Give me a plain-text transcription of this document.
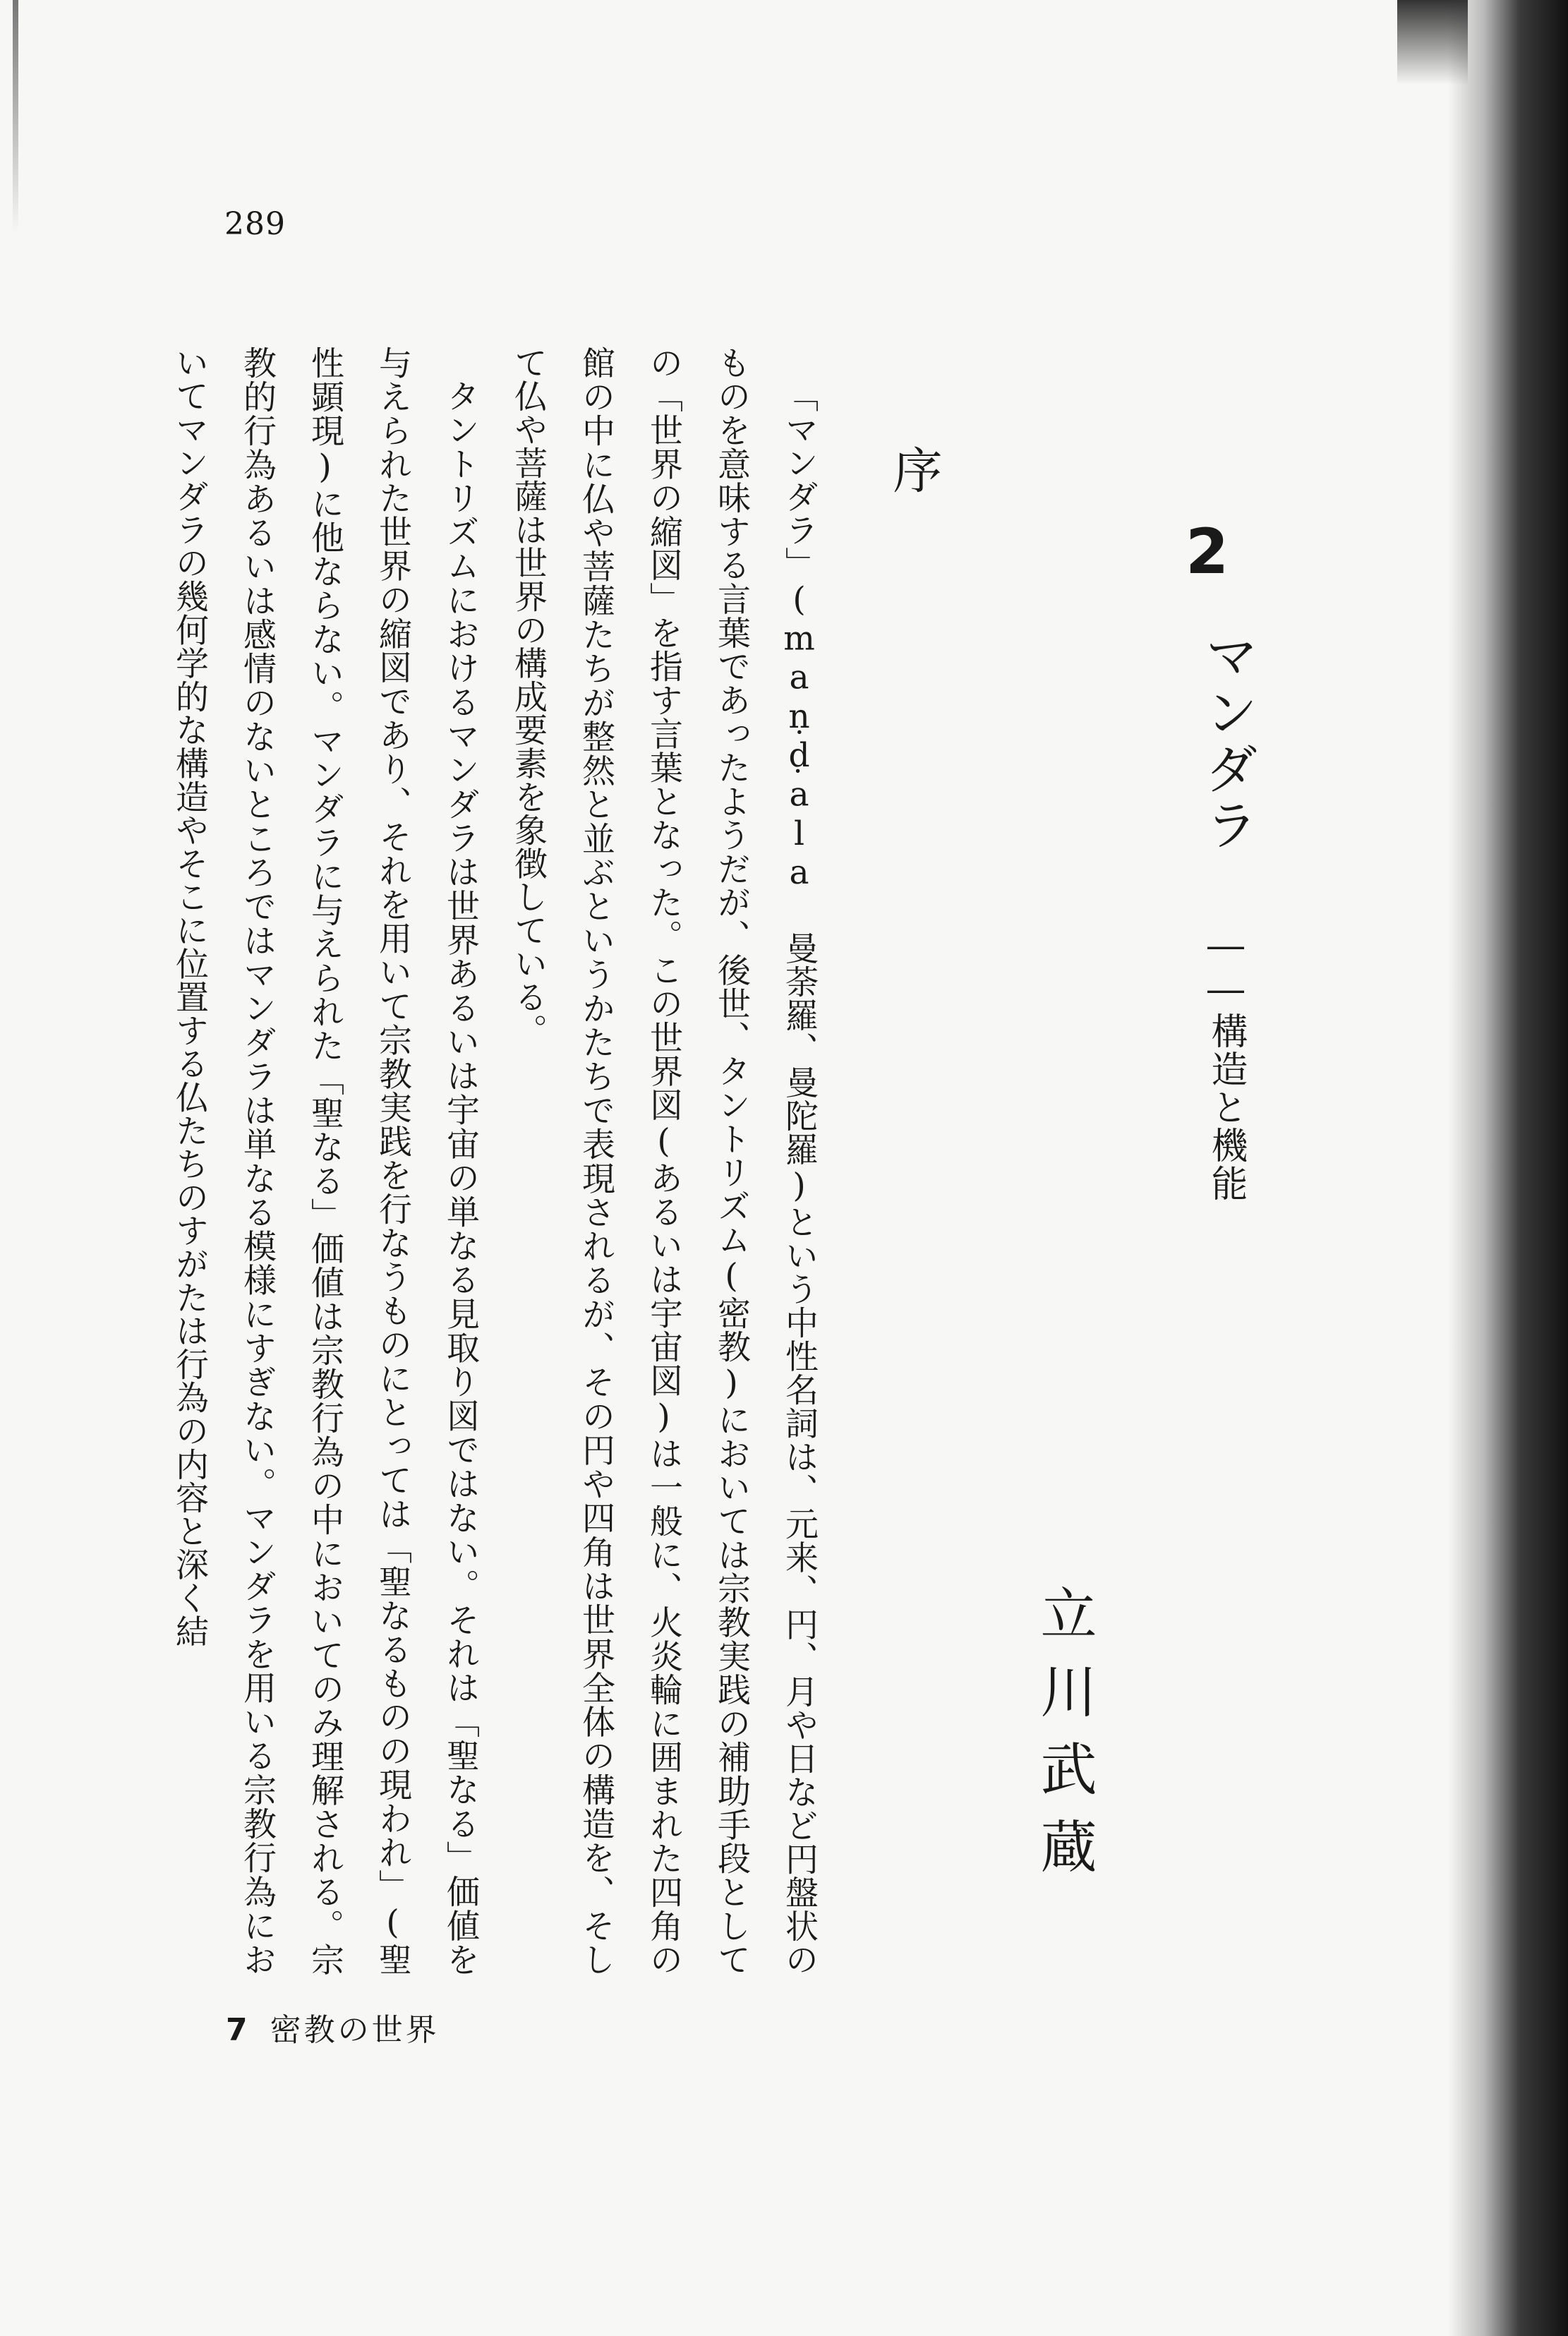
289
2
マンダラ
――構造と機能
立川武蔵
序

「マンダラ」(maṇḍala 曼荼羅、曼陀羅)という中性名詞は、元来、円、月や日など円盤状のものを意味する言葉であったようだが、後世、タントリズム(密教)においては宗教実践の補助手段としての「世界の縮図」を指す言葉となった。この世界図(あるいは宇宙図)は一般に、火炎輪に囲まれた四角の館の中に仏や菩薩たちが整然と並ぶというかたちで表現されるが、その円や四角は世界全体の構造を、そして仏や菩薩は世界の構成要素を象徴している。

タントリズムにおけるマンダラは世界あるいは宇宙の単なる見取り図ではない。それは「聖なる」価値を与えられた世界の縮図であり、それを用いて宗教実践を行なうものにとっては「聖なるものの現われ」(聖性顕現)に他ならない。マンダラに与えられた「聖なる」価値は宗教行為の中においてのみ理解される。宗教的行為あるいは感情のないところではマンダラは単なる模様にすぎない。マンダラを用いる宗教行為においてマンダラの幾何学的な構造やそこに位置する仏たちのすがたは行為の内容と深く結

7 密教の世界
